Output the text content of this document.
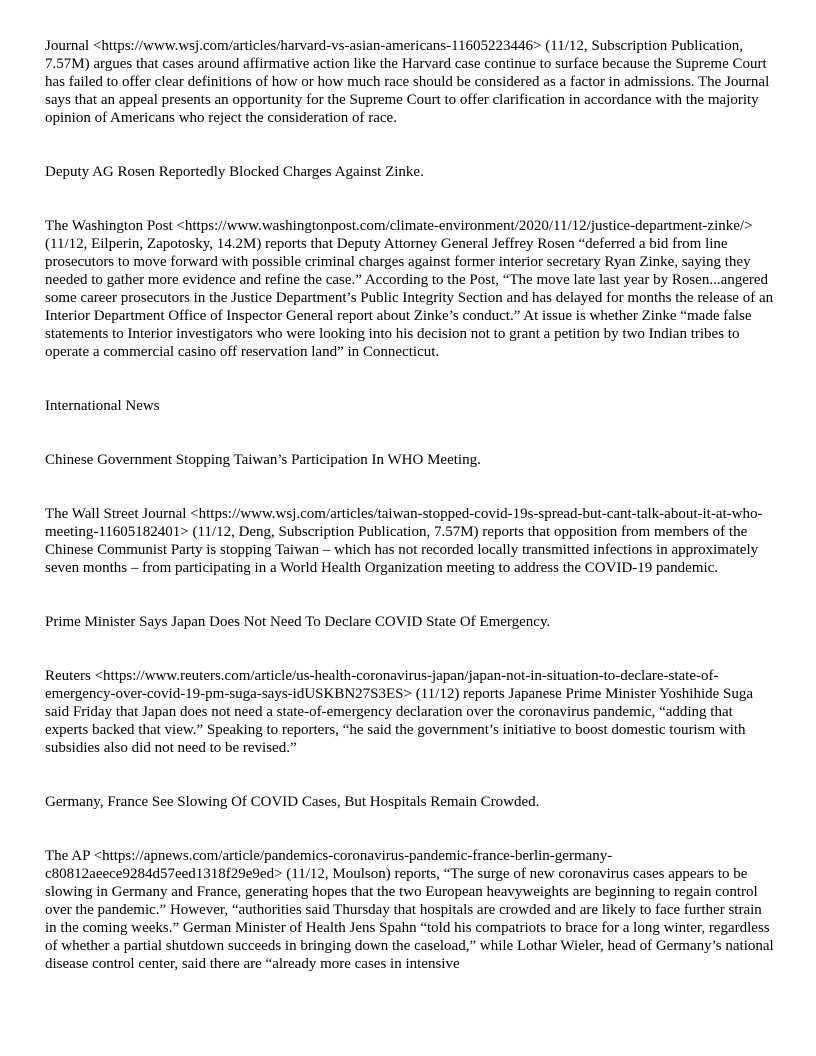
Journal <https://www.wsj.com/articles/harvard-vs-asian-americans-11605223446> (11/12, Subscription Publication, 7.57M) argues that cases around affirmative action like the Harvard case continue to surface because the Supreme Court has failed to offer clear definitions of how or how much race should be considered as a factor in admissions. The Journal says that an appeal presents an opportunity for the Supreme Court to offer clarification in accordance with the majority opinion of Americans who reject the consideration of race.

Deputy AG Rosen Reportedly Blocked Charges Against Zinke.

The Washington Post <https://www.washingtonpost.com/climate-environment/2020/11/12/justice-department-zinke/> (11/12, Eilperin, Zapotosky, 14.2M) reports that Deputy Attorney General Jeffrey Rosen “deferred a bid from line prosecutors to move forward with possible criminal charges against former interior secretary Ryan Zinke, saying they needed to gather more evidence and refine the case.” According to the Post, “The move late last year by Rosen...angered some career prosecutors in the Justice Department’s Public Integrity Section and has delayed for months the release of an Interior Department Office of Inspector General report about Zinke’s conduct.” At issue is whether Zinke “made false statements to Interior investigators who were looking into his decision not to grant a petition by two Indian tribes to operate a commercial casino off reservation land” in Connecticut.

International News

Chinese Government Stopping Taiwan’s Participation In WHO Meeting.

The Wall Street Journal <https://www.wsj.com/articles/taiwan-stopped-covid-19s-spread-but-cant-talk-about-it-at-who-meeting-11605182401> (11/12, Deng, Subscription Publication, 7.57M) reports that opposition from members of the Chinese Communist Party is stopping Taiwan – which has not recorded locally transmitted infections in approximately seven months – from participating in a World Health Organization meeting to address the COVID-19 pandemic.

Prime Minister Says Japan Does Not Need To Declare COVID State Of Emergency.

Reuters <https://www.reuters.com/article/us-health-coronavirus-japan/japan-not-in-situation-to-declare-state-of-emergency-over-covid-19-pm-suga-says-idUSKBN27S3ES> (11/12) reports Japanese Prime Minister Yoshihide Suga said Friday that Japan does not need a state-of-emergency declaration over the coronavirus pandemic, “adding that experts backed that view.” Speaking to reporters, “he said the government’s initiative to boost domestic tourism with subsidies also did not need to be revised.”

Germany, France See Slowing Of COVID Cases, But Hospitals Remain Crowded.

The AP <https://apnews.com/article/pandemics-coronavirus-pandemic-france-berlin-germany-c80812aeece9284d57eed1318f29e9ed> (11/12, Moulson) reports, “The surge of new coronavirus cases appears to be slowing in Germany and France, generating hopes that the two European heavyweights are beginning to regain control over the pandemic.” However, “authorities said Thursday that hospitals are crowded and are likely to face further strain in the coming weeks.” German Minister of Health Jens Spahn “told his compatriots to brace for a long winter, regardless of whether a partial shutdown succeeds in bringing down the caseload,” while Lothar Wieler, head of Germany’s national disease control center, said there are “already more cases in intensive
